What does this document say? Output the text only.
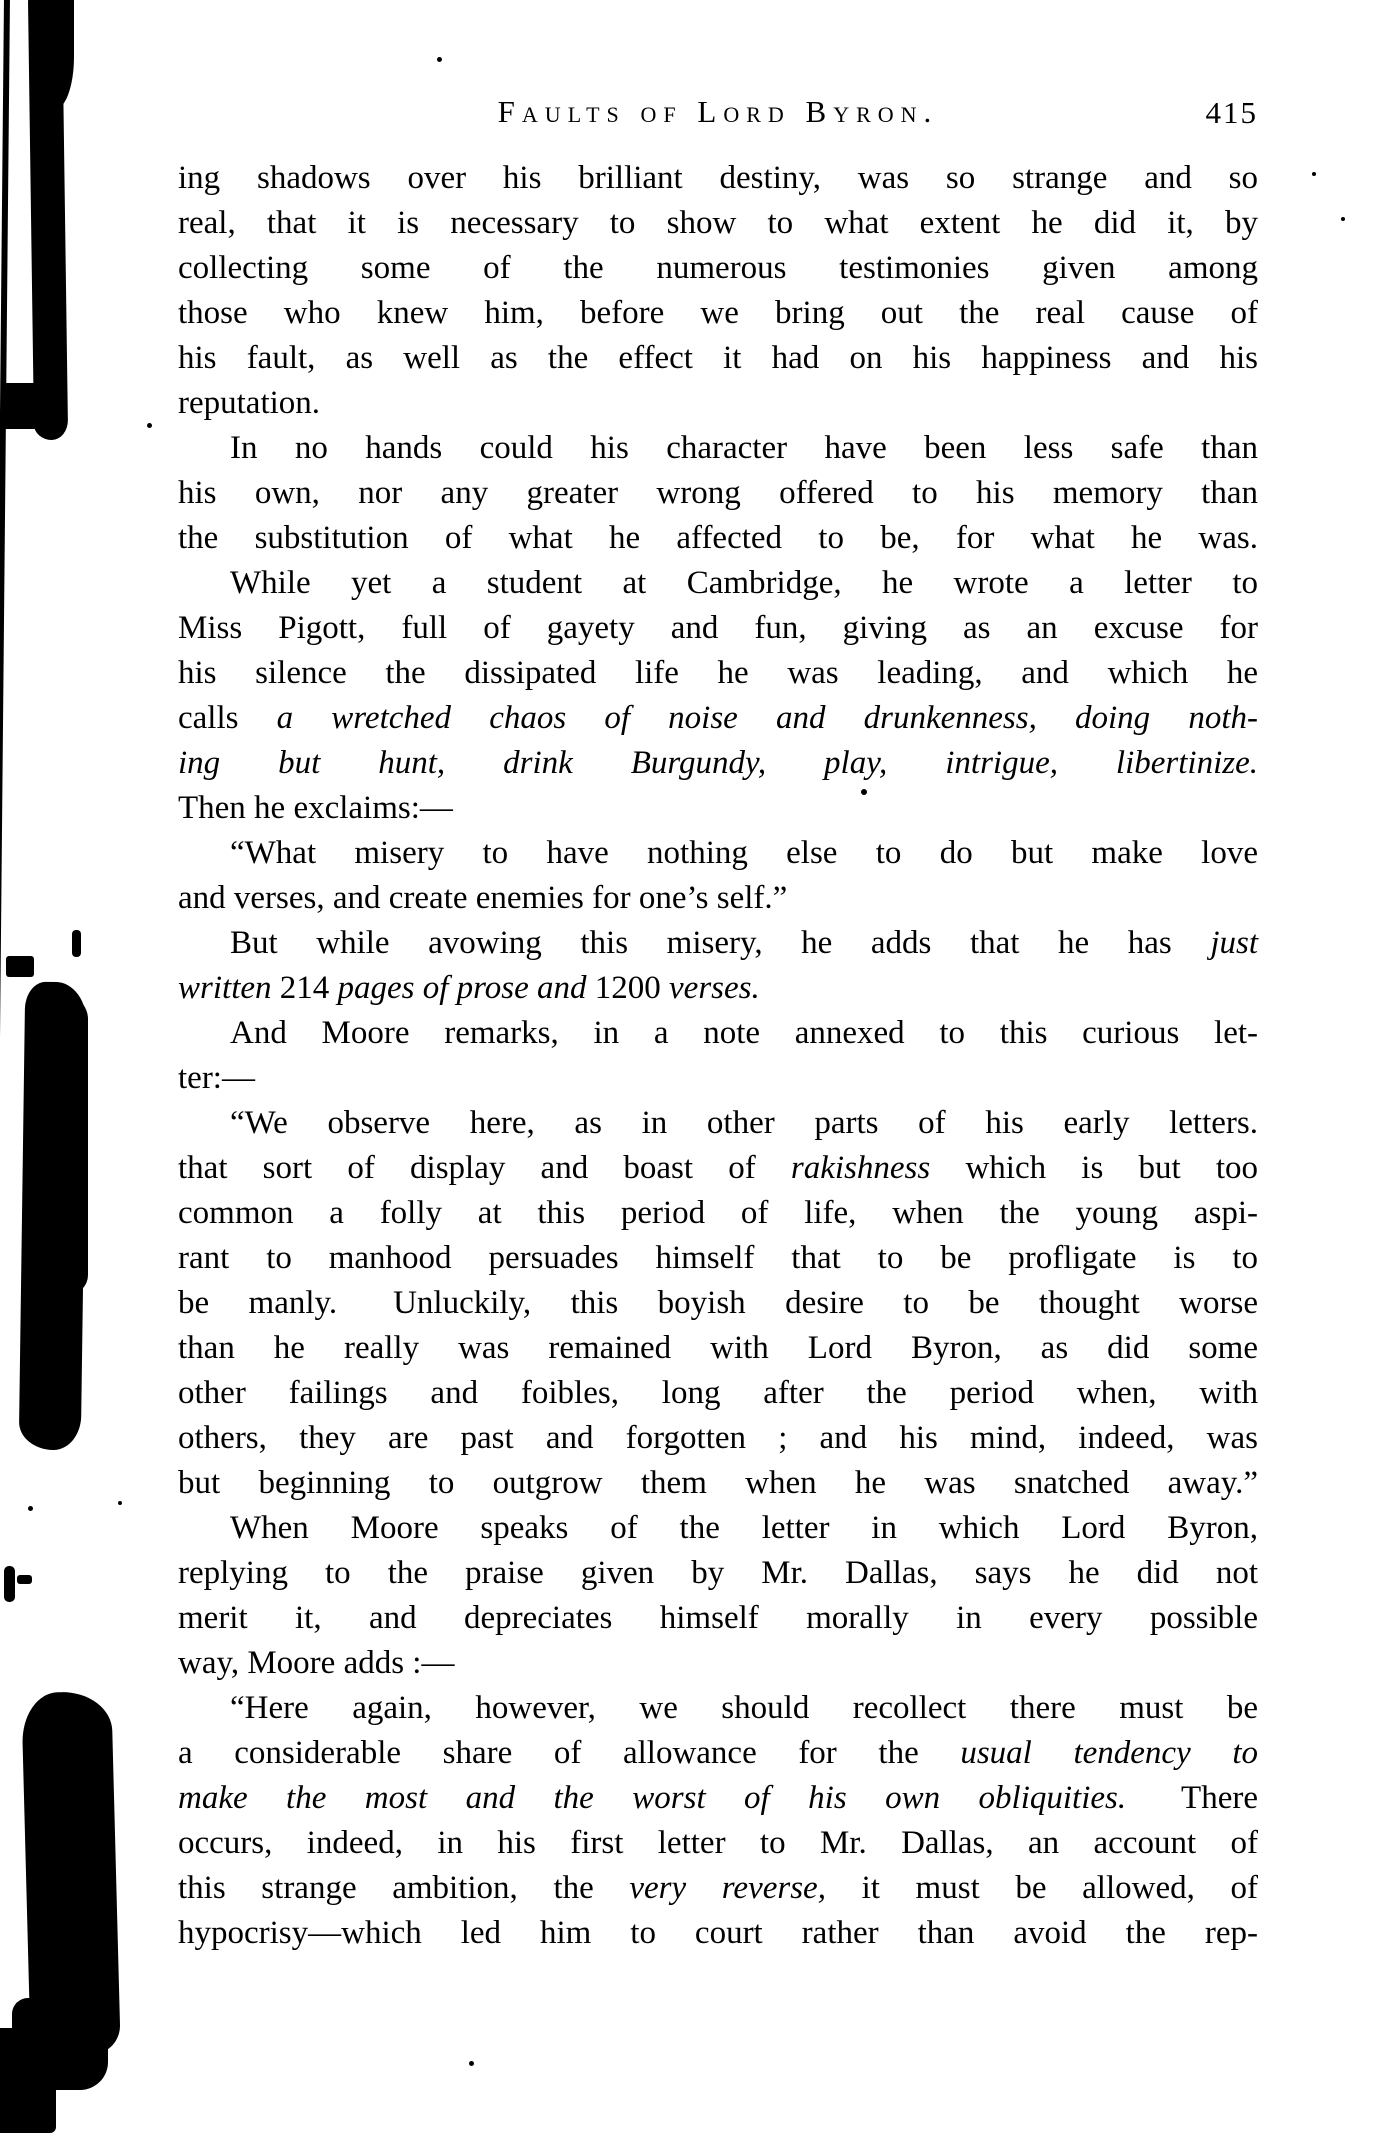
Faults of Lord Byron.	415
ing shadows over his brilliant destiny, was so strange and so
real, that it is necessary to show to what extent he did it, by
collecting some of the numerous testimonies given among
those who knew him, before we bring out the real cause of
his fault, as well as the effect it had on his happiness and his
reputation.
In no hands could his character have been less safe than
his own, nor any greater wrong offered to his memory than
the substitution of what he affected to be, for what he was.
While yet a student at Cambridge, he wrote a letter to
Miss Pigott, full of gayety and fun, giving as an excuse for
his silence the dissipated life he was leading, and which he
calls a wretched chaos of noise and drunkenness, doing noth-
ing but hunt, drink Burgundy, play, intrigue, libertinize.
Then he exclaims:—
“What misery to have nothing else to do but make love
and verses, and create enemies for one’s self.”
But while avowing this misery, he adds that he has just
written 214 pages of prose and 1200 verses.
And Moore remarks, in a note annexed to this curious let-
ter:—
“We observe here, as in other parts of his early letters.
that sort of display and boast of rakishness which is but too
common a folly at this period of life, when the young aspi-
rant to manhood persuades himself that to be profligate is to
be manly.  Unluckily, this boyish desire to be thought worse
than he really was remained with Lord Byron, as did some
other failings and foibles, long after the period when, with
others, they are past and forgotten ; and his mind, indeed, was
but beginning to outgrow them when he was snatched away.”
When Moore speaks of the letter in which Lord Byron,
replying to the praise given by Mr. Dallas, says he did not
merit it, and depreciates himself morally in every possible
way, Moore adds :—
“Here again, however, we should recollect there must be
a considerable share of allowance for the usual tendency to
make the most and the worst of his own obliquities.  There
occurs, indeed, in his first letter to Mr. Dallas, an account of
this strange ambition, the very reverse, it must be allowed, of
hypocrisy—which led him to court rather than avoid the rep-
